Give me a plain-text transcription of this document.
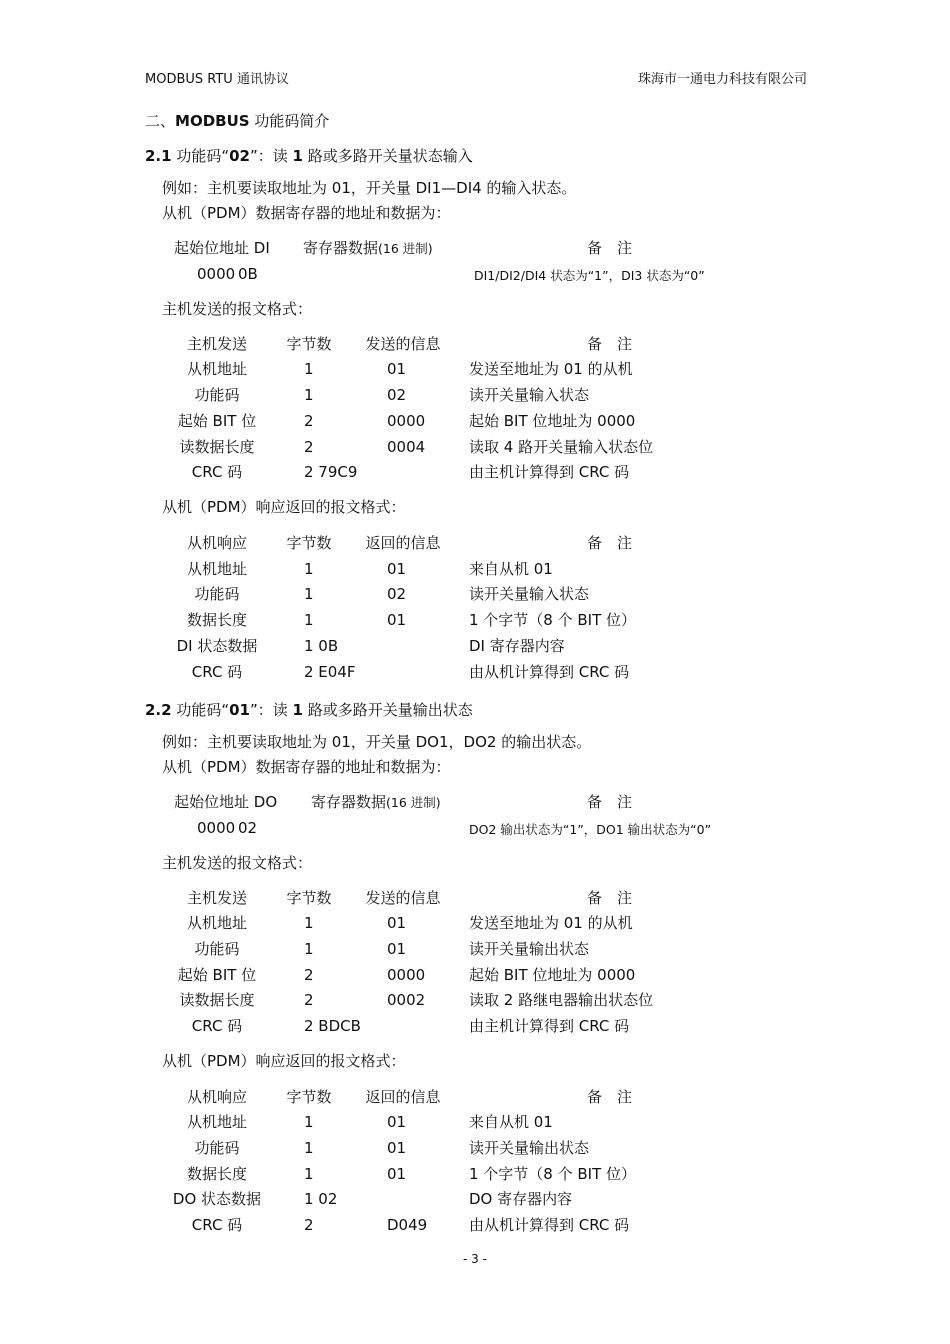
MODBUS RTU 通讯协议	珠海市一通电力科技有限公司
二、MODBUS 功能码简介
2.1 功能码“02”：读 1 路或多路开关量状态输入
例如：主机要读取地址为 01，开关量 DI1—DI4 的输入状态。
从机（PDM）数据寄存器的地址和数据为：
起始位地址 DI 寄存器数据(16 进制)	备　注
0000 0B	DI1/DI2/DI4 状态为“1”，DI3 状态为“0”
主机发送的报文格式：
主机发送	字节数	发送的信息	备　注
从机地址	1	01	发送至地址为 01 的从机
功能码	1	02	读开关量输入状态
起始 BIT 位	2	0000	起始 BIT 位地址为 0000
读数据长度	2	0004	读取 4 路开关量输入状态位
CRC 码	2 79C9	由主机计算得到 CRC 码
从机（PDM）响应返回的报文格式：
从机响应	字节数	返回的信息	备　注
从机地址	1	01	来自从机 01
功能码	1	02	读开关量输入状态
数据长度	1	01	1 个字节（8 个 BIT 位）
DI 状态数据	1 0B	DI 寄存器内容
CRC 码	2 E04F	由从机计算得到 CRC 码
2.2 功能码“01”：读 1 路或多路开关量输出状态
例如：主机要读取地址为 01，开关量 DO1，DO2 的输出状态。
从机（PDM）数据寄存器的地址和数据为：
起始位地址 DO 寄存器数据(16 进制)	备　注
0000 02	DO2 输出状态为“1”，DO1 输出状态为“0”
主机发送的报文格式：
主机发送	字节数	发送的信息	备　注
从机地址	1	01	发送至地址为 01 的从机
功能码	1	01	读开关量输出状态
起始 BIT 位	2	0000	起始 BIT 位地址为 0000
读数据长度	2	0002	读取 2 路继电器输出状态位
CRC 码	2 BDCB	由主机计算得到 CRC 码
从机（PDM）响应返回的报文格式：
从机响应	字节数	返回的信息	备　注
从机地址	1	01	来自从机 01
功能码	1	01	读开关量输出状态
数据长度	1	01	1 个字节（8 个 BIT 位）
DO 状态数据	1 02	DO 寄存器内容
CRC 码	2	D049	由从机计算得到 CRC 码
- 3 -
